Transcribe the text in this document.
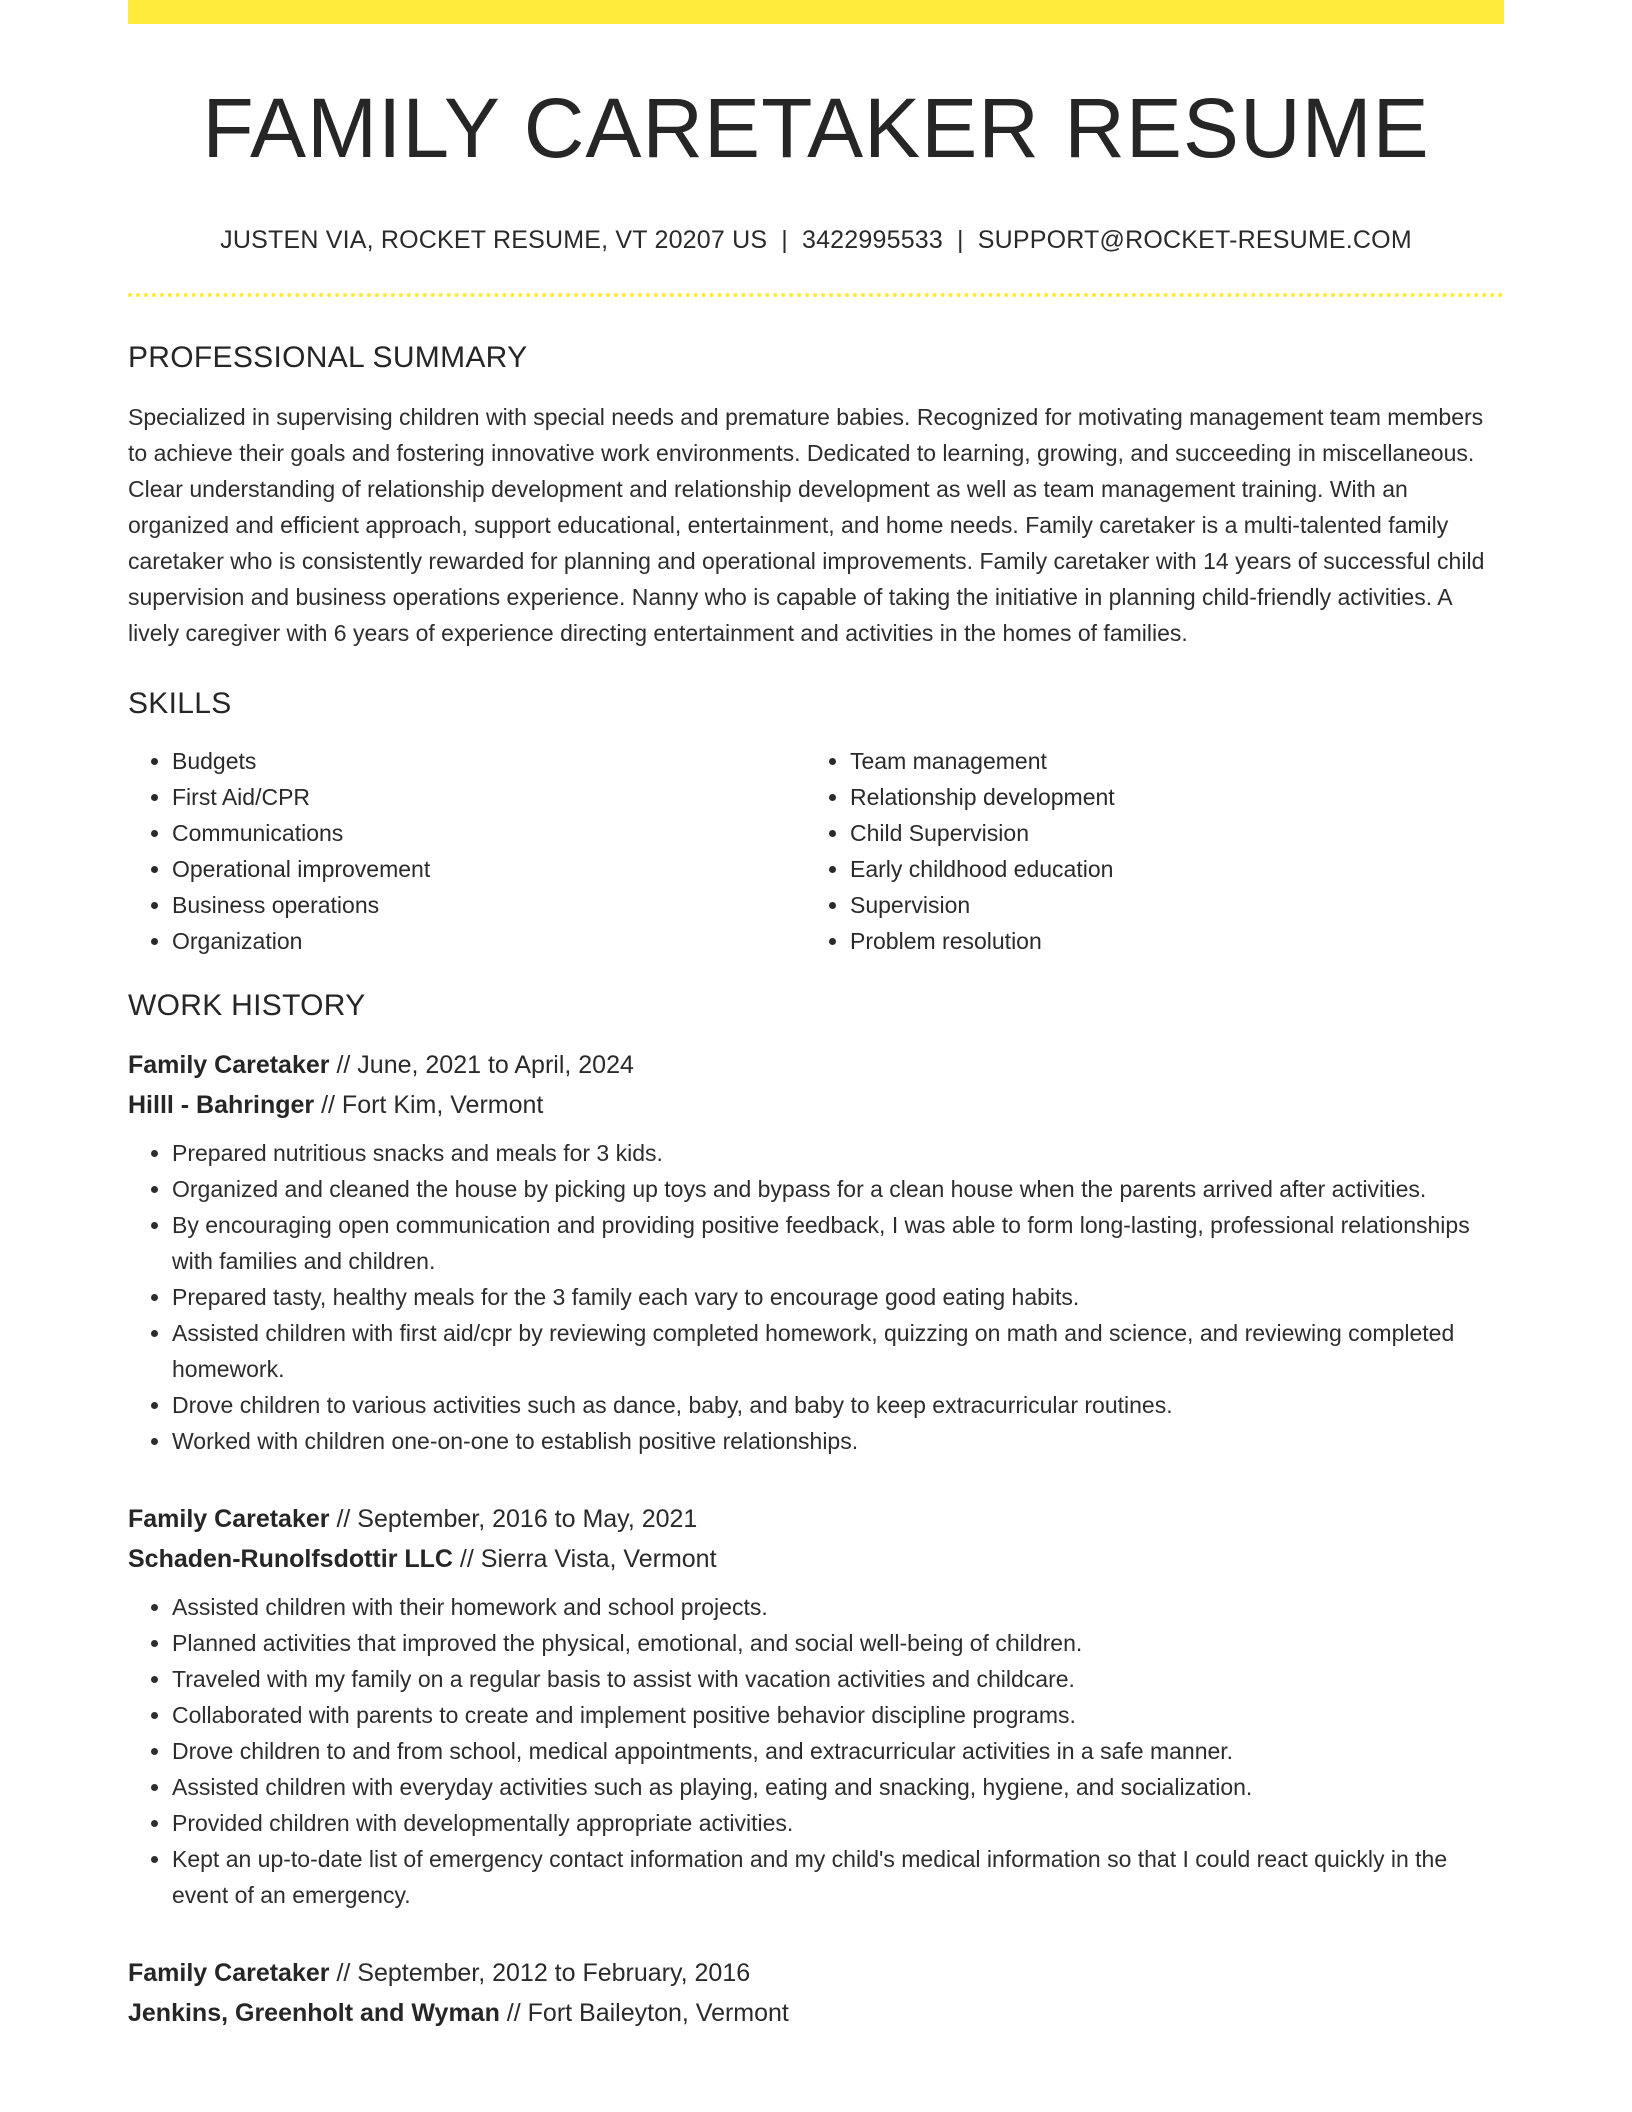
FAMILY CARETAKER RESUME
JUSTEN VIA, ROCKET RESUME, VT 20207 US | 3422995533 | SUPPORT@ROCKET-RESUME.COM
PROFESSIONAL SUMMARY

Specialized in supervising children with special needs and premature babies. Recognized for motivating management team members to achieve their goals and fostering innovative work environments. Dedicated to learning, growing, and succeeding in miscellaneous. Clear understanding of relationship development and relationship development as well as team management training. With an organized and efficient approach, support educational, entertainment, and home needs. Family caretaker is a multi-talented family caretaker who is consistently rewarded for planning and operational improvements. Family caretaker with 14 years of successful child supervision and business operations experience. Nanny who is capable of taking the initiative in planning child-friendly activities. A lively caregiver with 6 years of experience directing entertainment and activities in the homes of families.

SKILLS
• Budgets
• First Aid/CPR
• Communications
• Operational improvement
• Business operations
• Organization
• Team management
• Relationship development
• Child Supervision
• Early childhood education
• Supervision
• Problem resolution
WORK HISTORY
Family Caretaker // June, 2021 to April, 2024
Hilll - Bahringer // Fort Kim, Vermont
• Prepared nutritious snacks and meals for 3 kids.
• Organized and cleaned the house by picking up toys and bypass for a clean house when the parents arrived after activities.
• By encouraging open communication and providing positive feedback, I was able to form long-lasting, professional relationships with families and children.
• Prepared tasty, healthy meals for the 3 family each vary to encourage good eating habits.
• Assisted children with first aid/cpr by reviewing completed homework, quizzing on math and science, and reviewing completed homework.
• Drove children to various activities such as dance, baby, and baby to keep extracurricular routines.
• Worked with children one-on-one to establish positive relationships.
Family Caretaker // September, 2016 to May, 2021
Schaden-Runolfsdottir LLC // Sierra Vista, Vermont
• Assisted children with their homework and school projects.
• Planned activities that improved the physical, emotional, and social well-being of children.
• Traveled with my family on a regular basis to assist with vacation activities and childcare.
• Collaborated with parents to create and implement positive behavior discipline programs.
• Drove children to and from school, medical appointments, and extracurricular activities in a safe manner.
• Assisted children with everyday activities such as playing, eating and snacking, hygiene, and socialization.
• Provided children with developmentally appropriate activities.
• Kept an up-to-date list of emergency contact information and my child's medical information so that I could react quickly in the event of an emergency.
Family Caretaker // September, 2012 to February, 2016
Jenkins, Greenholt and Wyman // Fort Baileyton, Vermont
